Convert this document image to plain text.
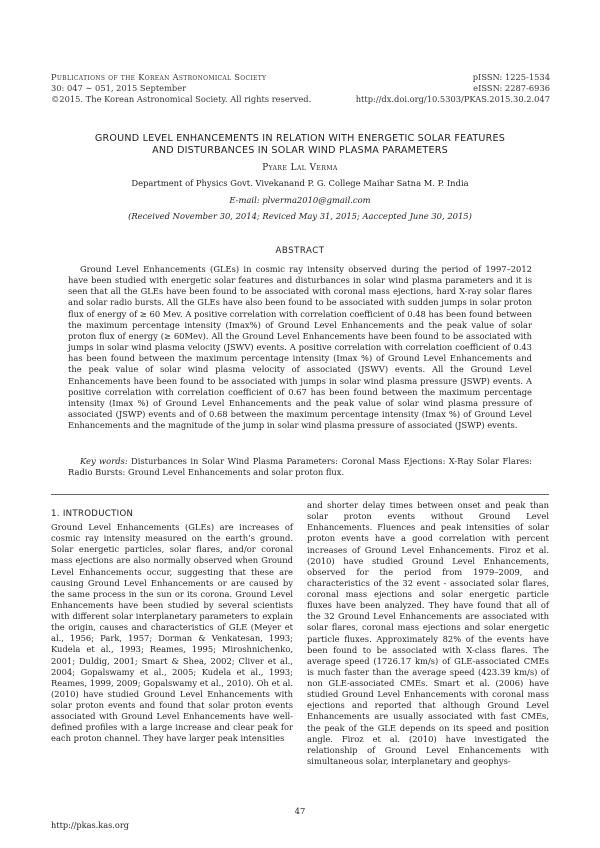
Publications of the Korean Astronomical Society
30: 047 ∼ 051, 2015 September
©2015. The Korean Astronomical Society. All rights reserved.
pISSN: 1225-1534
eISSN: 2287-6936
http://dx.doi.org/10.5303/PKAS.2015.30.2.047
GROUND LEVEL ENHANCEMENTS IN RELATION WITH ENERGETIC SOLAR FEATURES
AND DISTURBANCES IN SOLAR WIND PLASMA PARAMETERS
Pyare Lal Verma
Department of Physics Govt. Vivekanand P. G. College Maihar Satna M. P. India
E-mail: plverma2010@gmail.com
(Received November 30, 2014; Reviced May 31, 2015; Aaccepted June 30, 2015)
ABSTRACT

Ground Level Enhancements (GLEs) in cosmic ray intensity observed during the period of 1997–2012 have been studied with energetic solar features and disturbances in solar wind plasma parameters and it is seen that all the GLEs have been found to be associated with coronal mass ejections, hard X-ray solar flares and solar radio bursts. All the GLEs have also been found to be associated with sudden jumps in solar proton flux of energy of ≥ 60 Mev. A positive correlation with correlation coefficient of 0.48 has been found between the maximum percentage intensity (Imax%) of Ground Level Enhancements and the peak value of solar proton flux of energy (≥ 60Mev). All the Ground Level Enhancements have been found to be associated with jumps in solar wind plasma velocity (JSWV) events. A positive correlation with correlation coefficient of 0.43 has been found between the maximum percentage intensity (Imax %) of Ground Level Enhancements and the peak value of solar wind plasma velocity of associated (JSWV) events. All the Ground Level Enhancements have been found to be associated with jumps in solar wind plasma pressure (JSWP) events. A positive correlation with correlation coefficient of 0.67 has been found between the maximum percentage intensity (Imax %) of Ground Level Enhancements and the peak value of solar wind plasma pressure of associated (JSWP) events and of 0.68 between the maximum percentage intensity (Imax %) of Ground Level Enhancements and the magnitude of the jump in solar wind plasma pressure of associated (JSWP) events.

Key words: Disturbances in Solar Wind Plasma Parameters: Coronal Mass Ejections: X-Ray Solar Flares: Radio Bursts: Ground Level Enhancements and solar proton flux.

1. INTRODUCTION

Ground Level Enhancements (GLEs) are increases of cosmic ray intensity measured on the earth’s ground. Solar energetic particles, solar flares, and/or coronal mass ejections are also normally observed when Ground Level Enhancements occur, suggesting that these are causing Ground Level Enhancements or are caused by the same process in the sun or its corona. Ground Level Enhancements have been studied by several scientists with different solar interplanetary parameters to explain the origin, causes and characteristics of GLE (Meyer et al., 1956; Park, 1957; Dorman & Venkatesan, 1993; Kudela et al., 1993; Reames, 1995; Miroshnichenko, 2001; Duldig, 2001; Smart & Shea, 2002; Cliver et al., 2004; Gopalswamy et al., 2005; Kudela et al., 1993; Reames, 1999, 2009; Gopalswamy et al., 2010). Oh et al. (2010) have studied Ground Level Enhancements with solar proton events and found that solar proton events associated with Ground Level Enhancements have well-defined profiles with a large increase and clear peak for each proton channel. They have larger peak intensities

and shorter delay times between onset and peak than solar proton events without Ground Level Enhancements. Fluences and peak intensities of solar proton events have a good correlation with percent increases of Ground Level Enhancements. Firoz et al. (2010) have studied Ground Level Enhancements, observed for the period from 1979–2009, and characteristics of the 32 event - associated solar flares, coronal mass ejections and solar energetic particle fluxes have been analyzed. They have found that all of the 32 Ground Level Enhancements are associated with solar flares, coronal mass ejections and solar energetic particle fluxes. Approximately 82% of the events have been found to be associated with X-class flares. The average speed (1726.17 km/s) of GLE-associated CMEs is much faster than the average speed (423.39 km/s) of non GLE-associated CMEs. Smart et al. (2006) have studied Ground Level Enhancements with coronal mass ejections and reported that although Ground Level Enhancements are usually associated with fast CMEs, the peak of the GLE depends on its speed and position angle. Firoz et al. (2010) have investigated the relationship of Ground Level Enhancements with simultaneous solar, interplanetary and geophys-

47
http://pkas.kas.org
